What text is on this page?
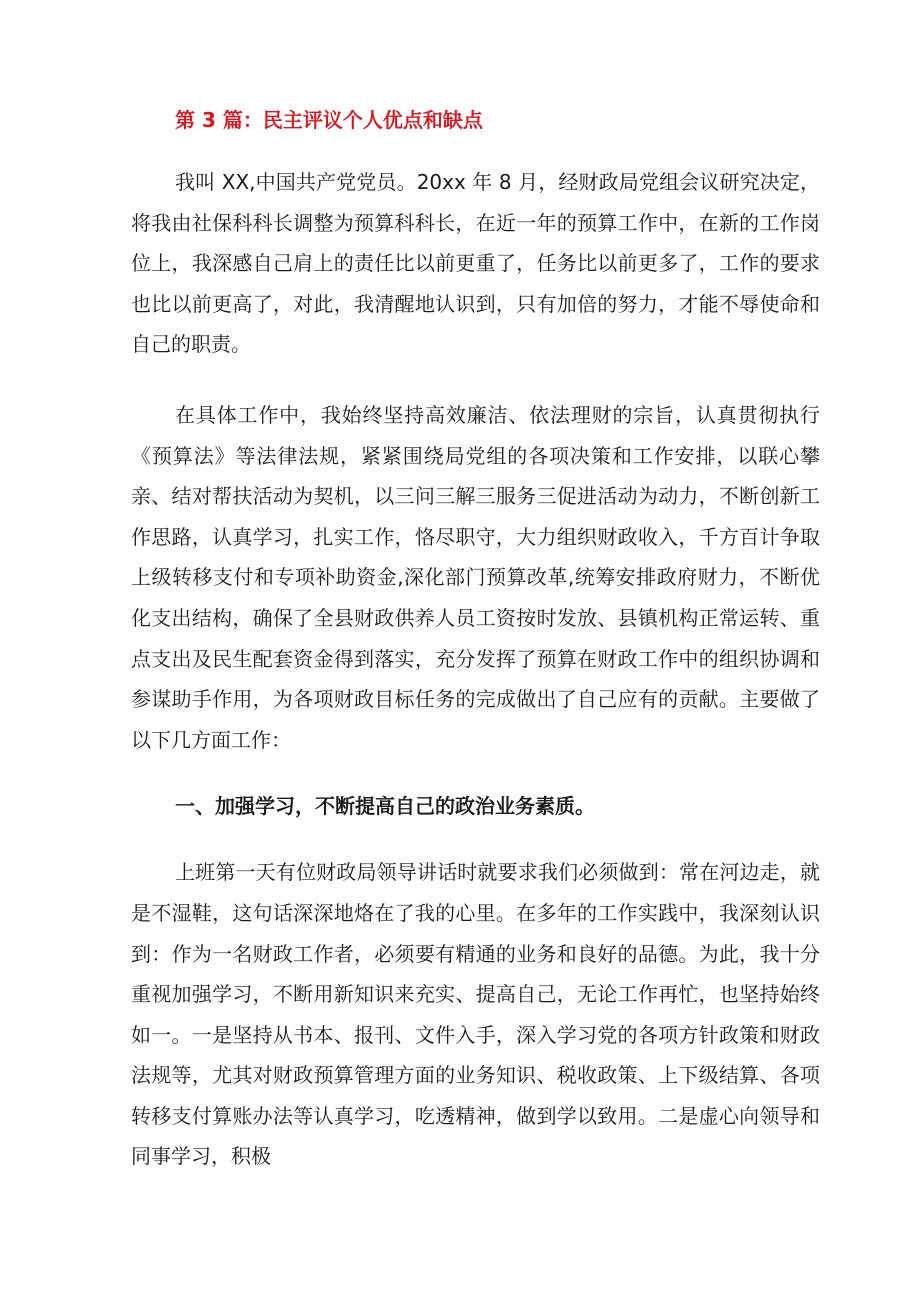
第 3 篇：民主评议个人优点和缺点

我叫 XX,中国共产党党员。20xx 年 8 月，经财政局党组会议研究决定，将我由社保科科长调整为预算科科长，在近一年的预算工作中，在新的工作岗位上，我深感自己肩上的责任比以前更重了，任务比以前更多了，工作的要求也比以前更高了，对此，我清醒地认识到，只有加倍的努力，才能不辱使命和自己的职责。

在具体工作中，我始终坚持高效廉洁、依法理财的宗旨，认真贯彻执行《预算法》等法律法规，紧紧围绕局党组的各项决策和工作安排，以联心攀亲、结对帮扶活动为契机，以三问三解三服务三促进活动为动力，不断创新工作思路，认真学习，扎实工作，恪尽职守，大力组织财政收入，千方百计争取上级转移支付和专项补助资金,深化部门预算改革,统筹安排政府财力，不断优化支出结构，确保了全县财政供养人员工资按时发放、县镇机构正常运转、重点支出及民生配套资金得到落实，充分发挥了预算在财政工作中的组织协调和参谋助手作用，为各项财政目标任务的完成做出了自己应有的贡献。主要做了以下几方面工作：

一、加强学习，不断提高自己的政治业务素质。

上班第一天有位财政局领导讲话时就要求我们必须做到：常在河边走，就是不湿鞋，这句话深深地烙在了我的心里。在多年的工作实践中，我深刻认识到：作为一名财政工作者，必须要有精通的业务和良好的品德。为此，我十分重视加强学习，不断用新知识来充实、提高自己，无论工作再忙，也坚持始终如一。一是坚持从书本、报刊、文件入手，深入学习党的各项方针政策和财政法规等，尤其对财政预算管理方面的业务知识、税收政策、上下级结算、各项转移支付算账办法等认真学习，吃透精神，做到学以致用。二是虚心向领导和同事学习，积极
